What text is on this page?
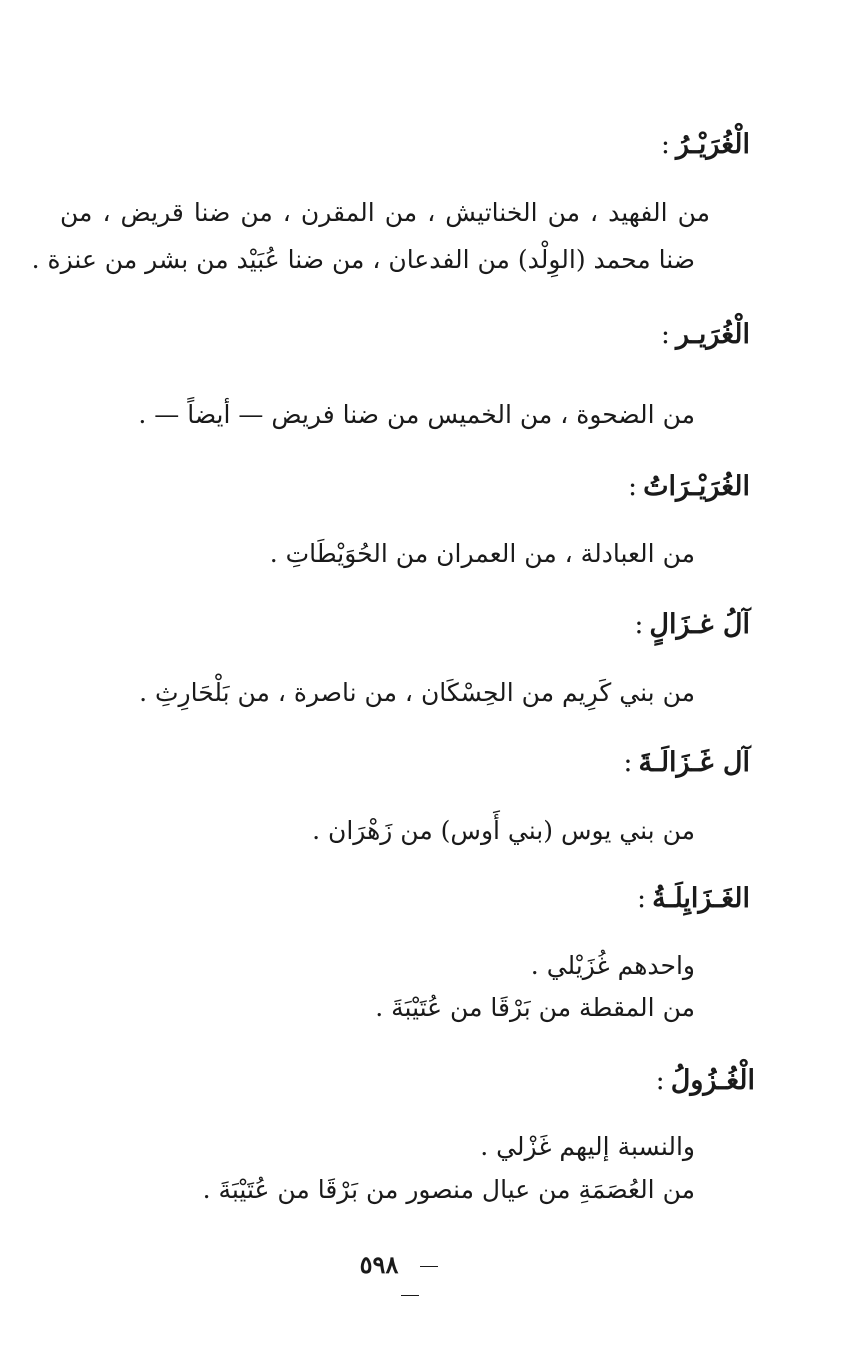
الْغُرَيْـرُ:
من الفهيد ، من الخناتيش ، من المقرن ، من ضنا قريض ، من
ضنا محمد (الوِلْد) من الفدعان ، من ضنا عُبَيْد من بشر من عنزة .
الْغُرَيـر:
من الضحوة ، من الخميس من ضنا فريض — أيضاً — .
الغُرَيْـرَاتُ:
من العبادلة ، من العمران من الحُوَيْطَاتِ .
آلُ غـزَالٍ:
من بني كَرِيم من الحِسْكَان ، من ناصرة ، من بَلْحَارِثِ .
آل غَـزَالَـةَ:
من بني يوس (بني أَوس) من زَهْرَان .
الغَـزَايِلَـةُ:
واحدهم غُزَيْلي .
من المقطة من بَرْقَا من عُتَيْبَةَ .
الْغُـزُولُ:
والنسبة إليهم غَزْلي .
من العُصَمَةِ من عيال منصور من بَرْقَا من عُتَيْبَةَ .
٥٩٨
